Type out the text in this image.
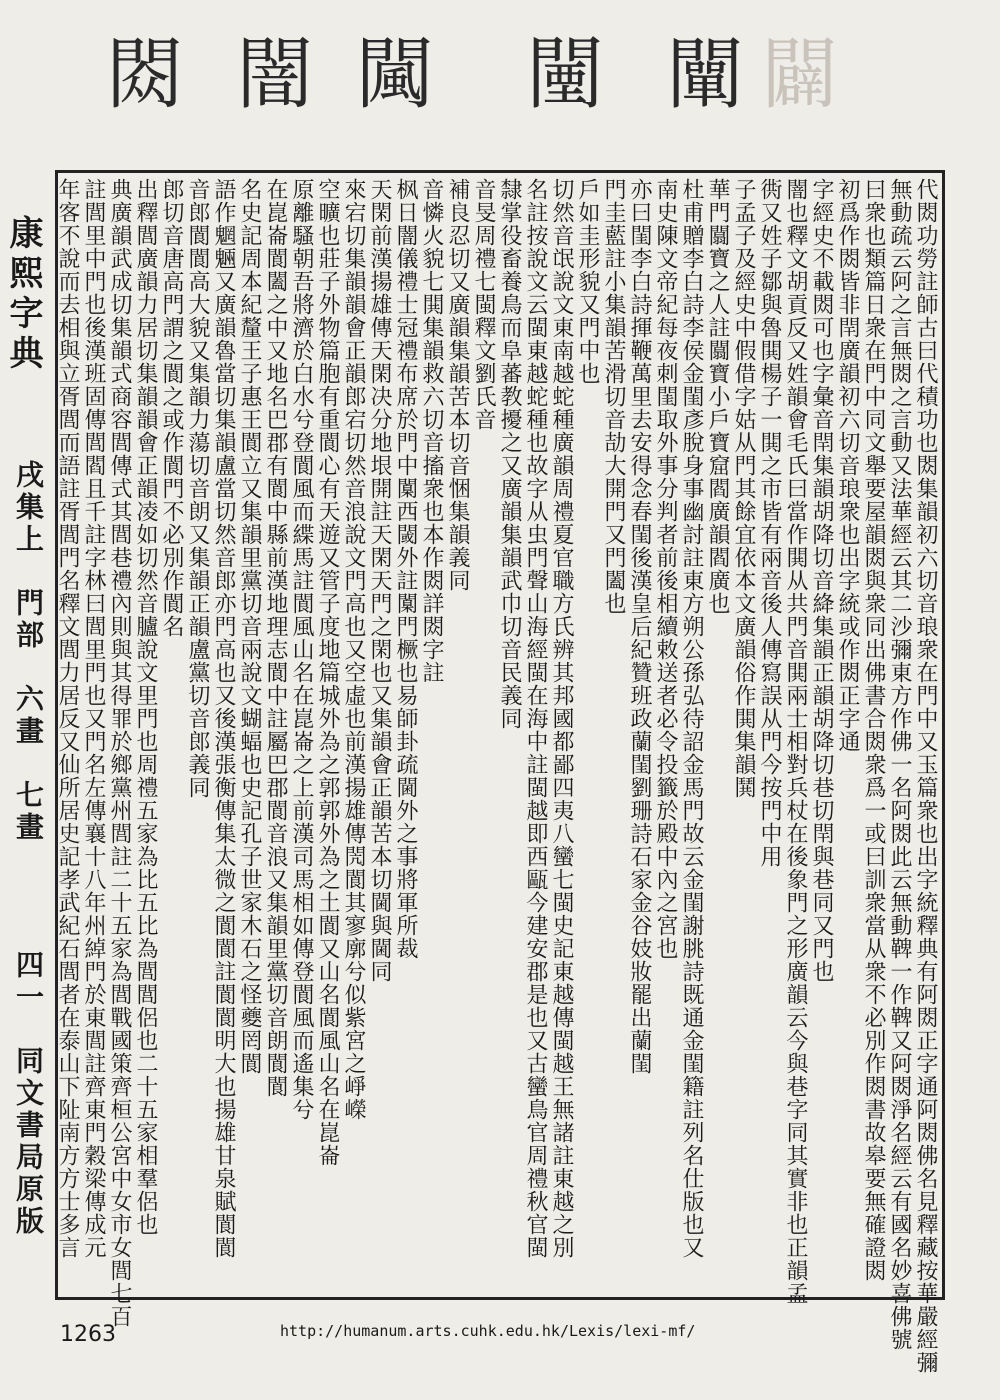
閦 闇 闏 闉 闡 闢
康熙字典
戌集上　門部　六畫　七畫
四一　同文書局原版	代閦功勞註師古曰代積功也閦集韻初六切音琅衆在門中又玉篇衆也出字統釋典有阿閦正字通阿閦佛名見釋藏按華嚴經彌
無動疏云阿之言無閦之言動又法華經云其二沙彌東方作佛一名阿閦此云無動鞞一作鞞又阿閦淨名經云有國名妙喜佛號
曰衆也類篇日衆在門中同文舉要屋韻閦與衆同出佛書合閦衆爲一或曰訓衆當从衆不必別作閦書故皋要無確證閦
初爲作閦皆非閈廣韻初六切音琅衆也出字統或作閦正字通
字經史不載閦可也字彙音閈集韻胡降切音絳集韻正韻胡降切巷切閈與巷同又門也
闇也釋文胡貢反又姓韻會毛氏曰當作閧从共門音閧兩士相對兵杖在後象門之形廣韻云今與巷字同其實非也正韻孟
衖又姓子鄒與魯閧楊子一閧之市皆有兩音後人傳寫誤从門今按門中用
子孟子及經史中假借字姑从門其餘宜依本文廣韻俗作閧集韻鬨
華門闒寶之人註闒寶小戶寶窟閻廣韻閻廣也
杜甫贈李白詩李侯金閨彥脫身事幽討註東方朔公孫弘待詔金馬門故云金閨謝朓詩既通金閨籍註列名仕版也又
南史陳文帝紀每夜刺閨取外事分判者前後相續敕送者必令投籤於殿中內之宮也
亦曰閨李白詩揮鞭萬里去安得念春閨後漢皇后紀贊班政蘭閨劉珊詩石家金谷妓妝罷出蘭閨
門圭藍註小集韻苦滑切音劼大開門又門闔也
戶如圭形貌又門中也
切然音氓說文東南越蛇種廣韻周禮夏官職方氏辨其邦國都鄙四夷八蠻七閩史記東越傳閩越王無諸註東越之別
名註按說文云閩東越蛇種也故字从虫門聲山海經閩在海中註閩越即西甌今建安郡是也又古蠻鳥官周禮秋官閩
隸掌役畜養鳥而阜蕃教擾之又廣韻集韻武巾切音民義同
音旻周禮七閩釋文劉氏音
補良忍切又廣韻集韻苦本切音悃集韻義同
音憐火貌七閧集韻救六切音搐衆也本作閦詳閦字註
枫日闇儀禮士冠禮布席於門中闑西閾外註闑門橛也易師卦疏閫外之事將軍所裁
天閑前漢揚雄傳天閑决分地垠開註天閑天門之閑也又集韻會正韻苦本切閫與閫同
來宕切集韻韻會正韻郎宕切然音浪說文門高也又空虛也前漢揚雄傳閌閬其寥廓兮似紫宮之崢嶸
空曠也莊子外物篇胞有重閬心有天遊又管子度地篇城外為之郭郭外為之土閬又山名閬風山名在崑崙
原離騷朝吾將濟於白水兮登閬風而緤馬註閬風山名在崑崙之上前漢司馬相如傳登閬風而遙集兮
在崑崙閬闔之中又地名巴郡有閬中縣前漢地理志閬中註屬巴郡閬音浪又集韻里黨切音朗閬閬
名史記周本紀釐王子惠王閬立又集韻里黨切音兩說文蝴蝠也史記孔子世家木石之怪夔罔閬
語作魍魎又廣韻魯當切集韻盧當切然音郎亦門高也又後漢張衡傳集太微之閬閬註閬閬明大也揚雄甘泉賦閬閬
音郎閬閬高大貌又集韻力蕩切音朗又集韻正韻盧黨切音郎義同
郎切音唐高門謂之閬之或作閬門不必別作閬名
出釋閭廣韻力居切集韻韻會正韻凌如切然音臚說文里門也周禮五家為比五比為閭閭侶也二十五家相羣侶也
典廣韻武成切集韻式商容閭傳式其閭巷禮內則與其得罪於鄉黨州閭註二十五家為閭戰國策齊桓公宮中女市女閭七百
註閭里中門也後漢班固傳閭閻且千註字林曰閭里門也又門名左傳襄十八年州綽門於東閭註齊東門穀梁傳成元
年客不說而去相與立胥閭而語註胥閭門名釋文閭力居反又仙所居史記孝武紀石閭者在泰山下阯南方方士多言
1263	http://humanum.arts.cuhk.edu.hk/Lexis/lexi-mf/
